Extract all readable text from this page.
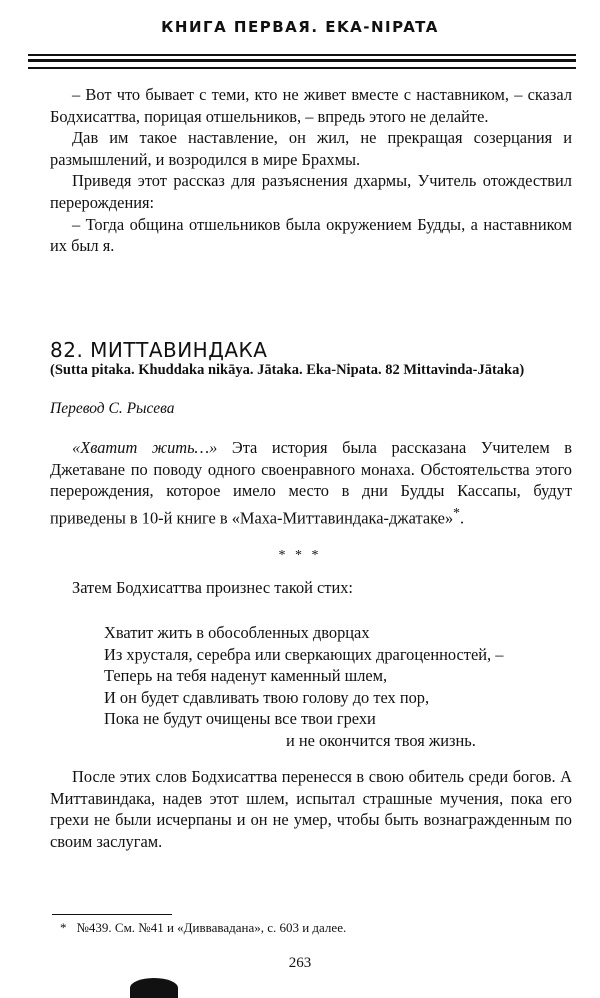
КНИГА ПЕРВАЯ. EKA-NIPATA

– Вот что бывает с теми, кто не живет вместе с наставником, – сказал Бодхисаттва, порицая отшельников, – впредь этого не делайте.

Дав им такое наставление, он жил, не прекращая созерцания и размышлений, и возродился в мире Брахмы.

Приведя этот рассказ для разъяснения дхармы, Учитель отождествил перерождения:

– Тогда община отшельников была окружением Будды, а наставником их был я.

82. МИТТАВИНДАКА
(Sutta pitaka. Khuddaka nikāya. Jātaka. Eka-Nipata. 82 Mittavinda-Jātaka)
Перевод С. Рысева

«Хватит жить…» Эта история была рассказана Учителем в Джетаване по поводу одного своенравного монаха. Обстоятельства этого перерождения, которое имело место в дни Будды Кассапы, будут приведены в 10-й книге в «Маха-Миттавиндака-джатаке»*.

* * *
Затем Бодхисаттва произнес такой стих:
Хватит жить в обособленных дворцах
Из хрусталя, серебра или сверкающих драгоценностей, –
Теперь на тебя наденут каменный шлем,
И он будет сдавливать твою голову до тех пор,
Пока не будут очищены все твои грехи
и не окончится твоя жизнь.

После этих слов Бодхисаттва перенесся в свою обитель среди богов. А Миттавиндака, надев этот шлем, испытал страшные мучения, пока его грехи не были исчерпаны и он не умер, чтобы быть вознагражденным по своим заслугам.

* №439. См. №41 и «Диввавадана», с. 603 и далее.
263
